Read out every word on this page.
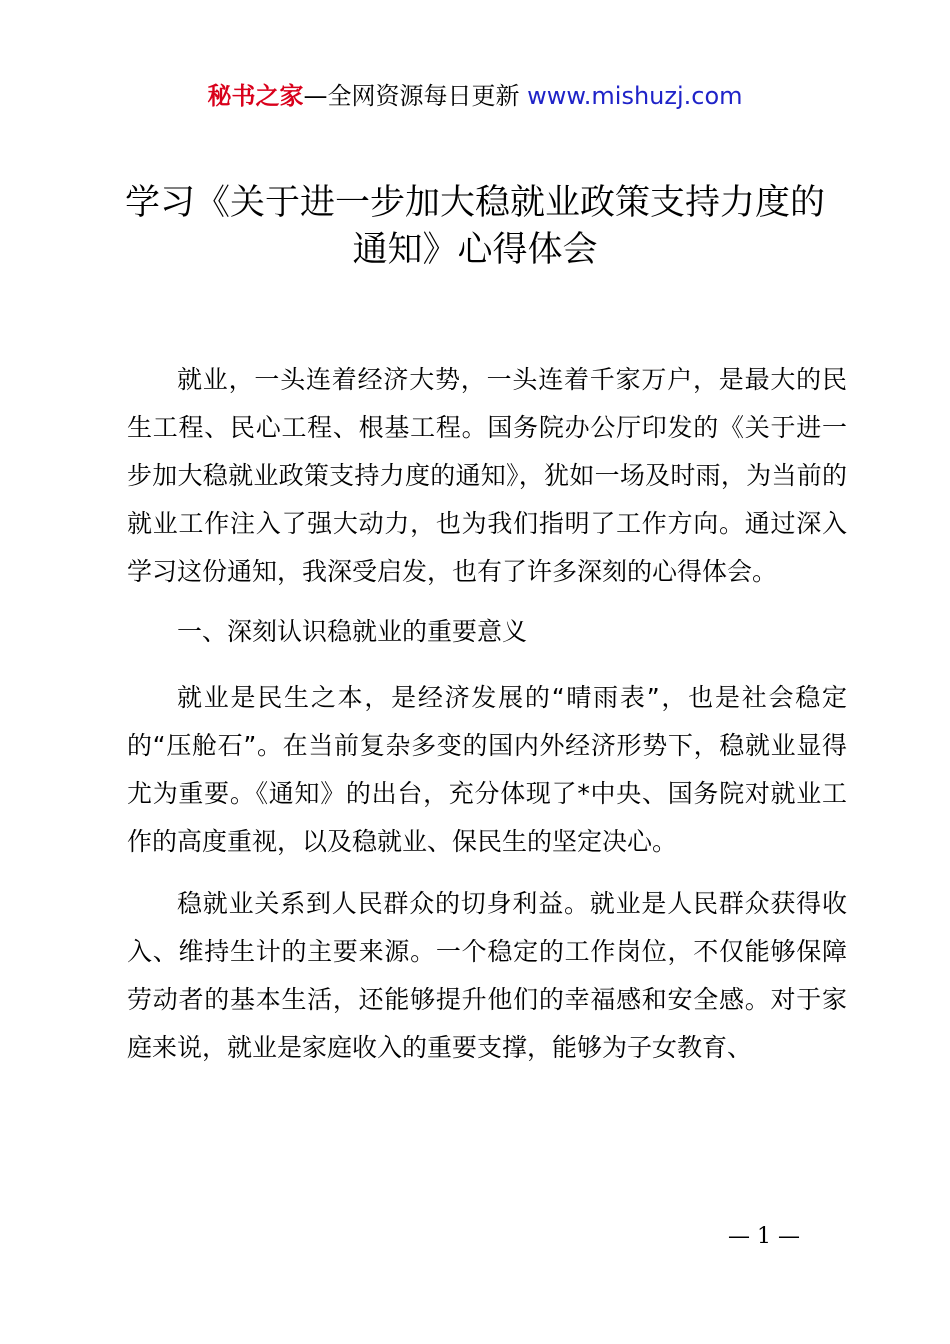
秘书之家—全网资源每日更新 www.mishuzj.com
学习《关于进一步加大稳就业政策支持力度的
通知》心得体会

就业，一头连着经济大势，一头连着千家万户，是最大的民生工程、民心工程、根基工程。国务院办公厅印发的《关于进一步加大稳就业政策支持力度的通知》，犹如一场及时雨，为当前的就业工作注入了强大动力，也为我们指明了工作方向。通过深入学习这份通知，我深受启发，也有了许多深刻的心得体会。

一、深刻认识稳就业的重要意义

就业是民生之本，是经济发展的“晴雨表”，也是社会稳定的“压舱石”。在当前复杂多变的国内外经济形势下，稳就业显得尤为重要。《通知》的出台，充分体现了*中央、国务院对就业工作的高度重视，以及稳就业、保民生的坚定决心。

稳就业关系到人民群众的切身利益。就业是人民群众获得收入、维持生计的主要来源。一个稳定的工作岗位，不仅能够保障劳动者的基本生活，还能够提升他们的幸福感和安全感。对于家庭来说，就业是家庭收入的重要支撑，能够为子女教育、

— 1 —
